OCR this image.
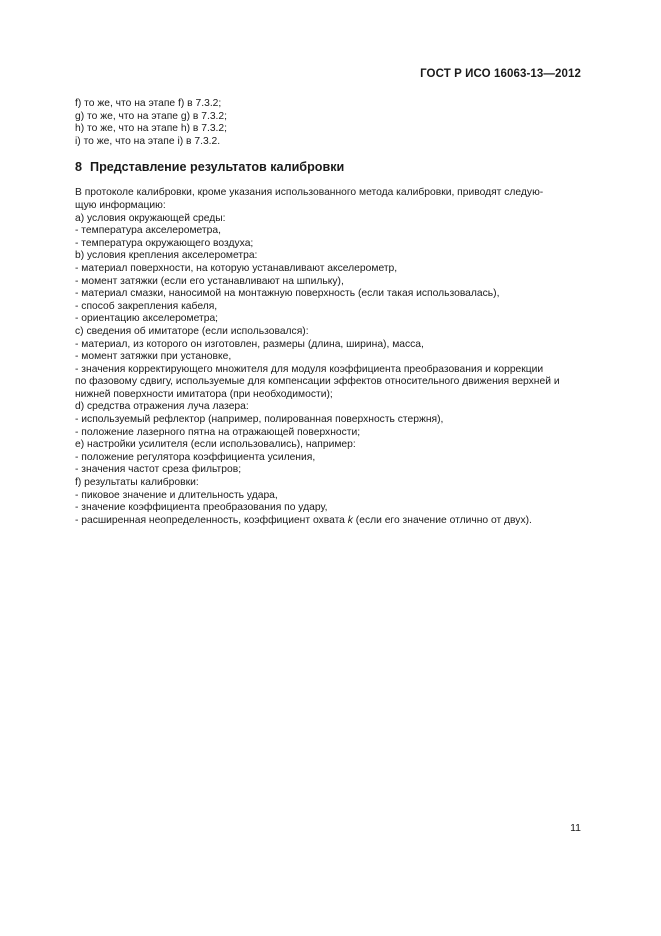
ГОСТ Р ИСО 16063-13—2012

f) то же, что на этапе f) в 7.3.2;

g) то же, что на этапе g) в 7.3.2;

h) то же, что на этапе h) в 7.3.2;

i) то же, что на этапе i) в 7.3.2.

8 Представление результатов калибровки

В протоколе калибровки, кроме указания использованного метода калибровки, приводят следую-

щую информацию:

а) условия окружающей среды:

- температура акселерометра,

- температура окружающего воздуха;

b) условия крепления акселерометра:

- материал поверхности, на которую устанавливают акселерометр,

- момент затяжки (если его устанавливают на шпильку),

- материал смазки, наносимой на монтажную поверхность (если такая использовалась),

- способ закрепления кабеля,

- ориентацию акселерометра;

с) сведения об имитаторе (если использовался):

- материал, из которого он изготовлен, размеры (длина, ширина), масса,

- момент затяжки при установке,

- значения корректирующего множителя для модуля коэффициента преобразования и коррекции

по фазовому сдвигу, используемые для компенсации эффектов относительного движения верхней и

нижней поверхности имитатора (при необходимости);

d) средства отражения луча лазера:

- используемый рефлектор (например, полированная поверхность стержня),

- положение лазерного пятна на отражающей поверхности;

е) настройки усилителя (если использовались), например:

- положение регулятора коэффициента усиления,

- значения частот среза фильтров;

f) результаты калибровки:

- пиковое значение и длительность удара,

- значение коэффициента преобразования по удару,

- расширенная неопределенность, коэффициент охвата k (если его значение отлично от двух).

11
